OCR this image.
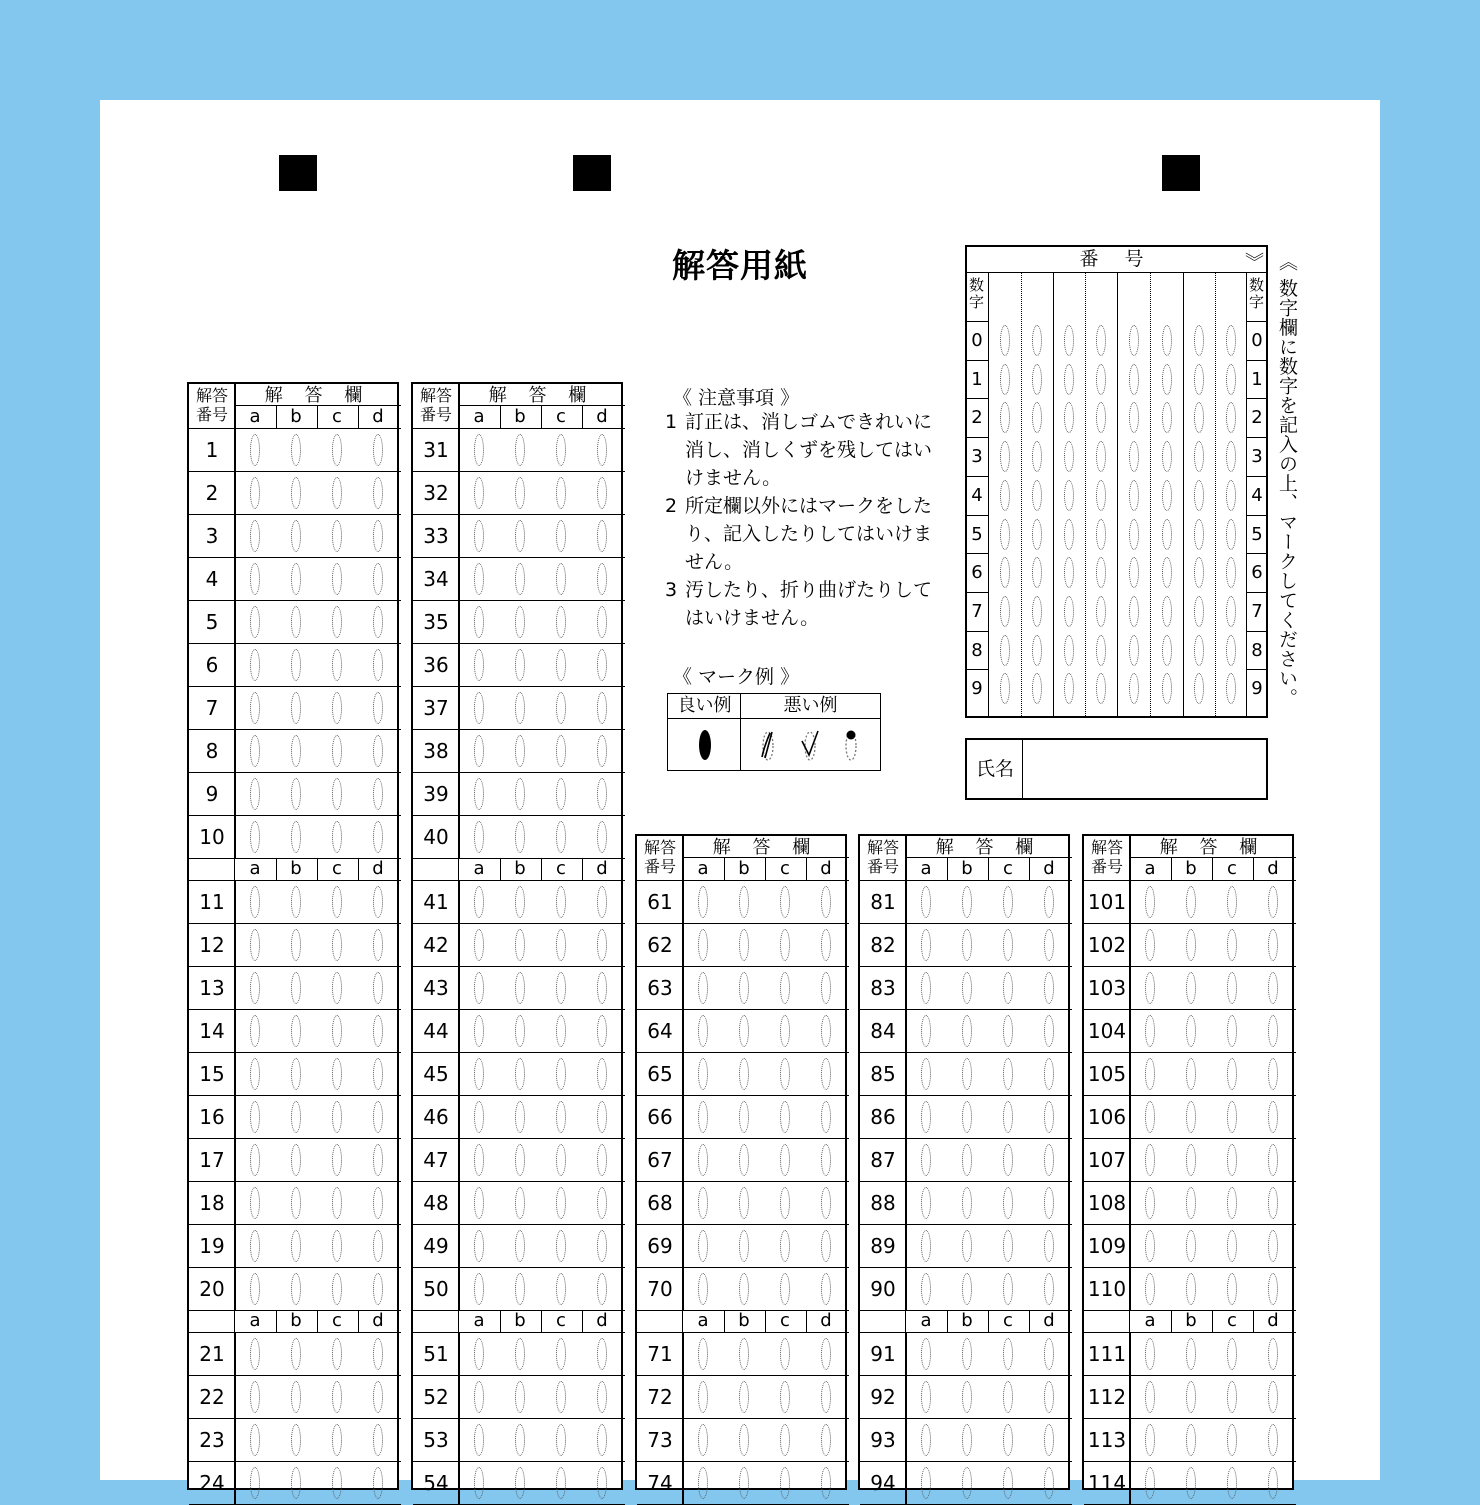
解答用紙
解答
番号
解 答 欄
a	b	c	d
1
2
3
4
5
6
7
8
9
10
a	b	c	d
11
12
13
14
15
16
17
18
19
20
a	b	c	d
21
22
23
24
解答
番号
解 答 欄
a	b	c	d
31
32
33
34
35
36
37
38
39
40
a	b	c	d
41
42
43
44
45
46
47
48
49
50
a	b	c	d
51
52
53
54
解答
番号
解 答 欄
a	b	c	d
61
62
63
64
65
66
67
68
69
70
a	b	c	d
71
72
73
74
解答
番号
解 答 欄
a	b	c	d
81
82
83
84
85
86
87
88
89
90
a	b	c	d
91
92
93
94
解答
番号
解 答 欄
a	b	c	d
101
102
103
104
105
106
107
108
109
110
a	b	c	d
111
112
113
114
《 注意事項 》
1 訂正は、消しゴムできれいに消し、消しくずを残してはいけません。
2 所定欄以外にはマークをしたり、記入したりしてはいけません。
3 汚したり、折り曲げたりしてはいけません。
《 マーク例 》
良い例	悪い例
番 号
数字
数字
0	0
1	1
2	2
3	3
4	4
5	5
6	6
7	7
8	8
9	9 《 数字欄に数字を記入の上、マークしてください。 》
氏名
